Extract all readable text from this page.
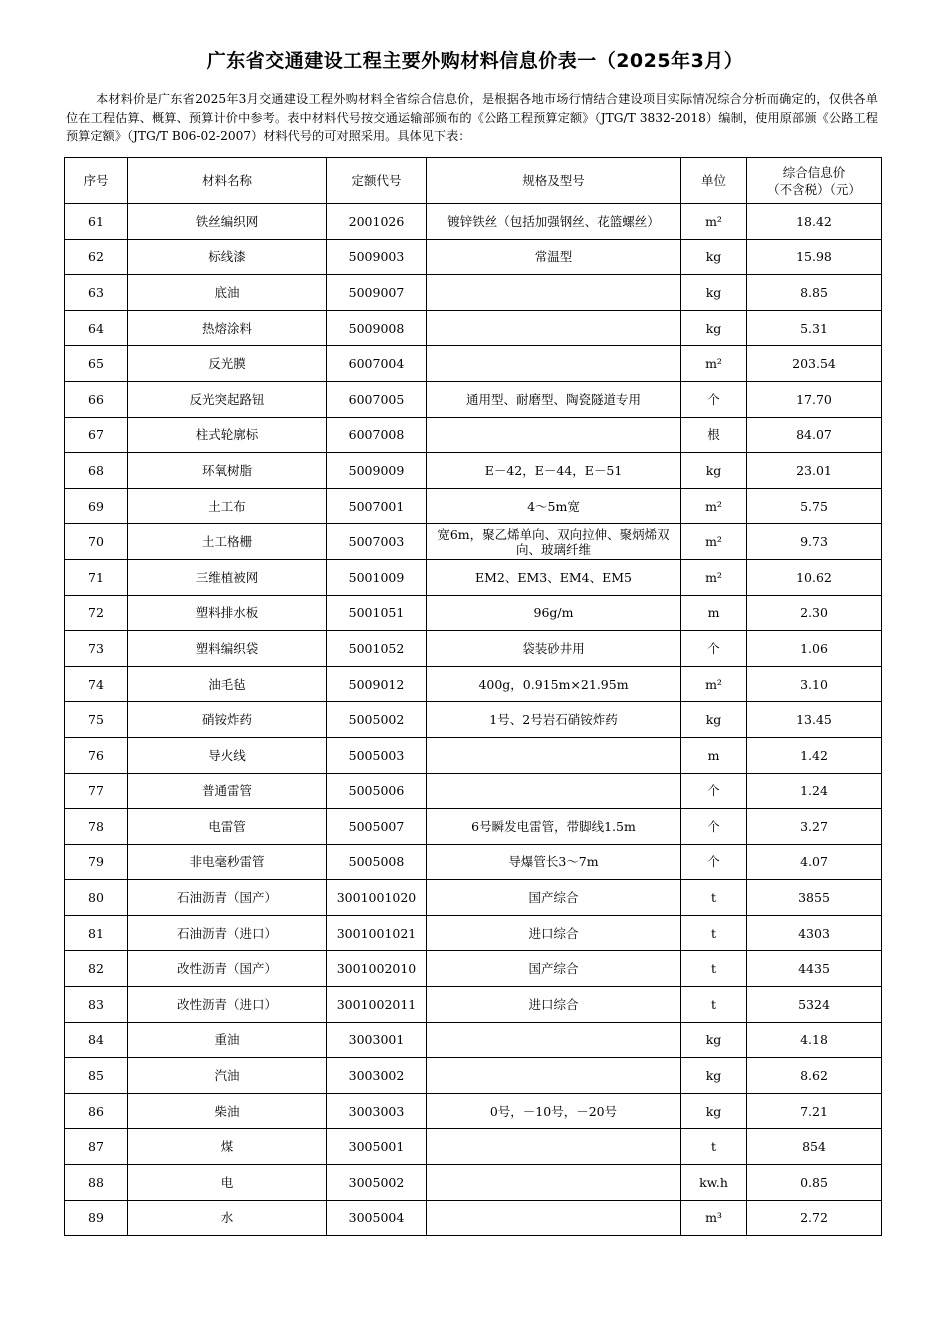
广东省交通建设工程主要外购材料信息价表一（2025年3月）
本材料价是广东省2025年3月交通建设工程外购材料全省综合信息价，是根据各地市场行情结合建设项目实际情况综合分析而确定的，仅供各单位在工程估算、概算、预算计价中参考。表中材料代号按交通运输部颁布的《公路工程预算定额》（JTG/T 3832-2018）编制，使用原部颁《公路工程预算定额》（JTG/T B06-02-2007）材料代号的可对照采用。具体见下表：
序号	材料名称	定额代号	规格及型号	单位	综合信息价
（不含税）（元）
61	铁丝编织网	2001026	镀锌铁丝（包括加强钢丝、花篮螺丝）	m²	18.42
62	标线漆	5009003	常温型	kg	15.98
63	底油	5009007		kg	8.85
64	热熔涂料	5009008		kg	5.31
65	反光膜	6007004		m²	203.54
66	反光突起路钮	6007005	通用型、耐磨型、陶瓷隧道专用	个	17.70
67	柱式轮廓标	6007008		根	84.07
68	环氧树脂	5009009	E－42，E－44，E－51	kg	23.01
69	土工布	5007001	4～5m宽	m²	5.75
70	土工格栅	5007003	宽6m，聚乙烯单向、双向拉伸、聚炳烯双向、玻璃纤维	m²	9.73
71	三维植被网	5001009	EM2、EM3、EM4、EM5	m²	10.62
72	塑料排水板	5001051	96g/m	m	2.30
73	塑料编织袋	5001052	袋装砂井用	个	1.06
74	油毛毡	5009012	400g，0.915m×21.95m	m²	3.10
75	硝铵炸药	5005002	1号、2号岩石硝铵炸药	kg	13.45
76	导火线	5005003		m	1.42
77	普通雷管	5005006		个	1.24
78	电雷管	5005007	6号瞬发电雷管，带脚线1.5m	个	3.27
79	非电毫秒雷管	5005008	导爆管长3～7m	个	4.07
80	石油沥青（国产）	3001001020	国产综合	t	3855
81	石油沥青（进口）	3001001021	进口综合	t	4303
82	改性沥青（国产）	3001002010	国产综合	t	4435
83	改性沥青（进口）	3001002011	进口综合	t	5324
84	重油	3003001		kg	4.18
85	汽油	3003002		kg	8.62
86	柴油	3003003	0号，－10号，－20号	kg	7.21
87	煤	3005001		t	854
88	电	3005002		kw.h	0.85
89	水	3005004		m³	2.72
